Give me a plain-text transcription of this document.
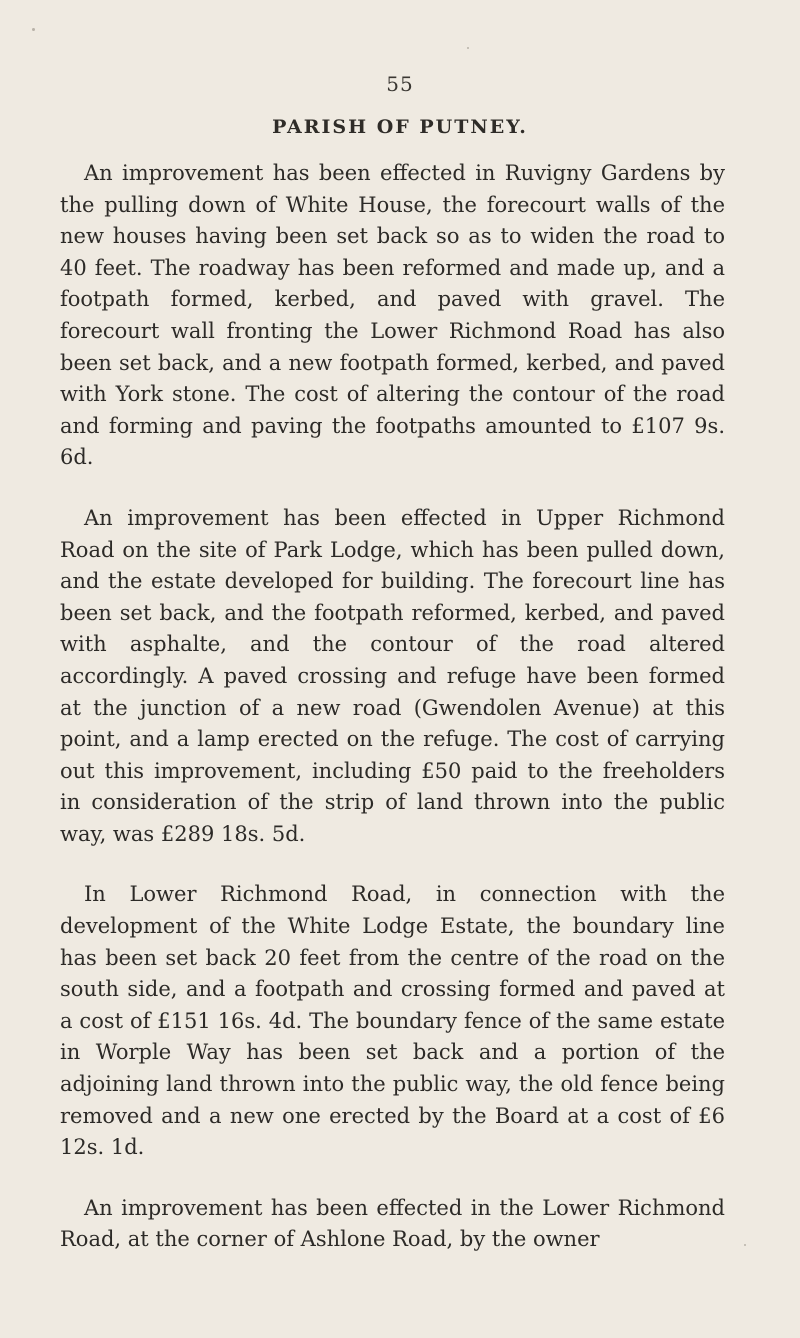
55
PARISH OF PUTNEY.

An improvement has been effected in Ruvigny Gardens by the pulling down of White House, the forecourt walls of the new houses having been set back so as to widen the road to 40 feet. The roadway has been reformed and made up, and a footpath formed, kerbed, and paved with gravel. The forecourt wall fronting the Lower Richmond Road has also been set back, and a new footpath formed, kerbed, and paved with York stone. The cost of altering the contour of the road and forming and paving the footpaths amounted to £107 9s. 6d.

An improvement has been effected in Upper Richmond Road on the site of Park Lodge, which has been pulled down, and the estate developed for building. The forecourt line has been set back, and the footpath reformed, kerbed, and paved with asphalte, and the contour of the road altered accordingly. A paved crossing and refuge have been formed at the junction of a new road (Gwendolen Avenue) at this point, and a lamp erected on the refuge. The cost of carrying out this improvement, including £50 paid to the freeholders in consideration of the strip of land thrown into the public way, was £289 18s. 5d.

In Lower Richmond Road, in connection with the development of the White Lodge Estate, the boundary line has been set back 20 feet from the centre of the road on the south side, and a footpath and crossing formed and paved at a cost of £151 16s. 4d. The boundary fence of the same estate in Worple Way has been set back and a portion of the adjoining land thrown into the public way, the old fence being removed and a new one erected by the Board at a cost of £6 12s. 1d.

An improvement has been effected in the Lower Richmond Road, at the corner of Ashlone Road, by the owner
